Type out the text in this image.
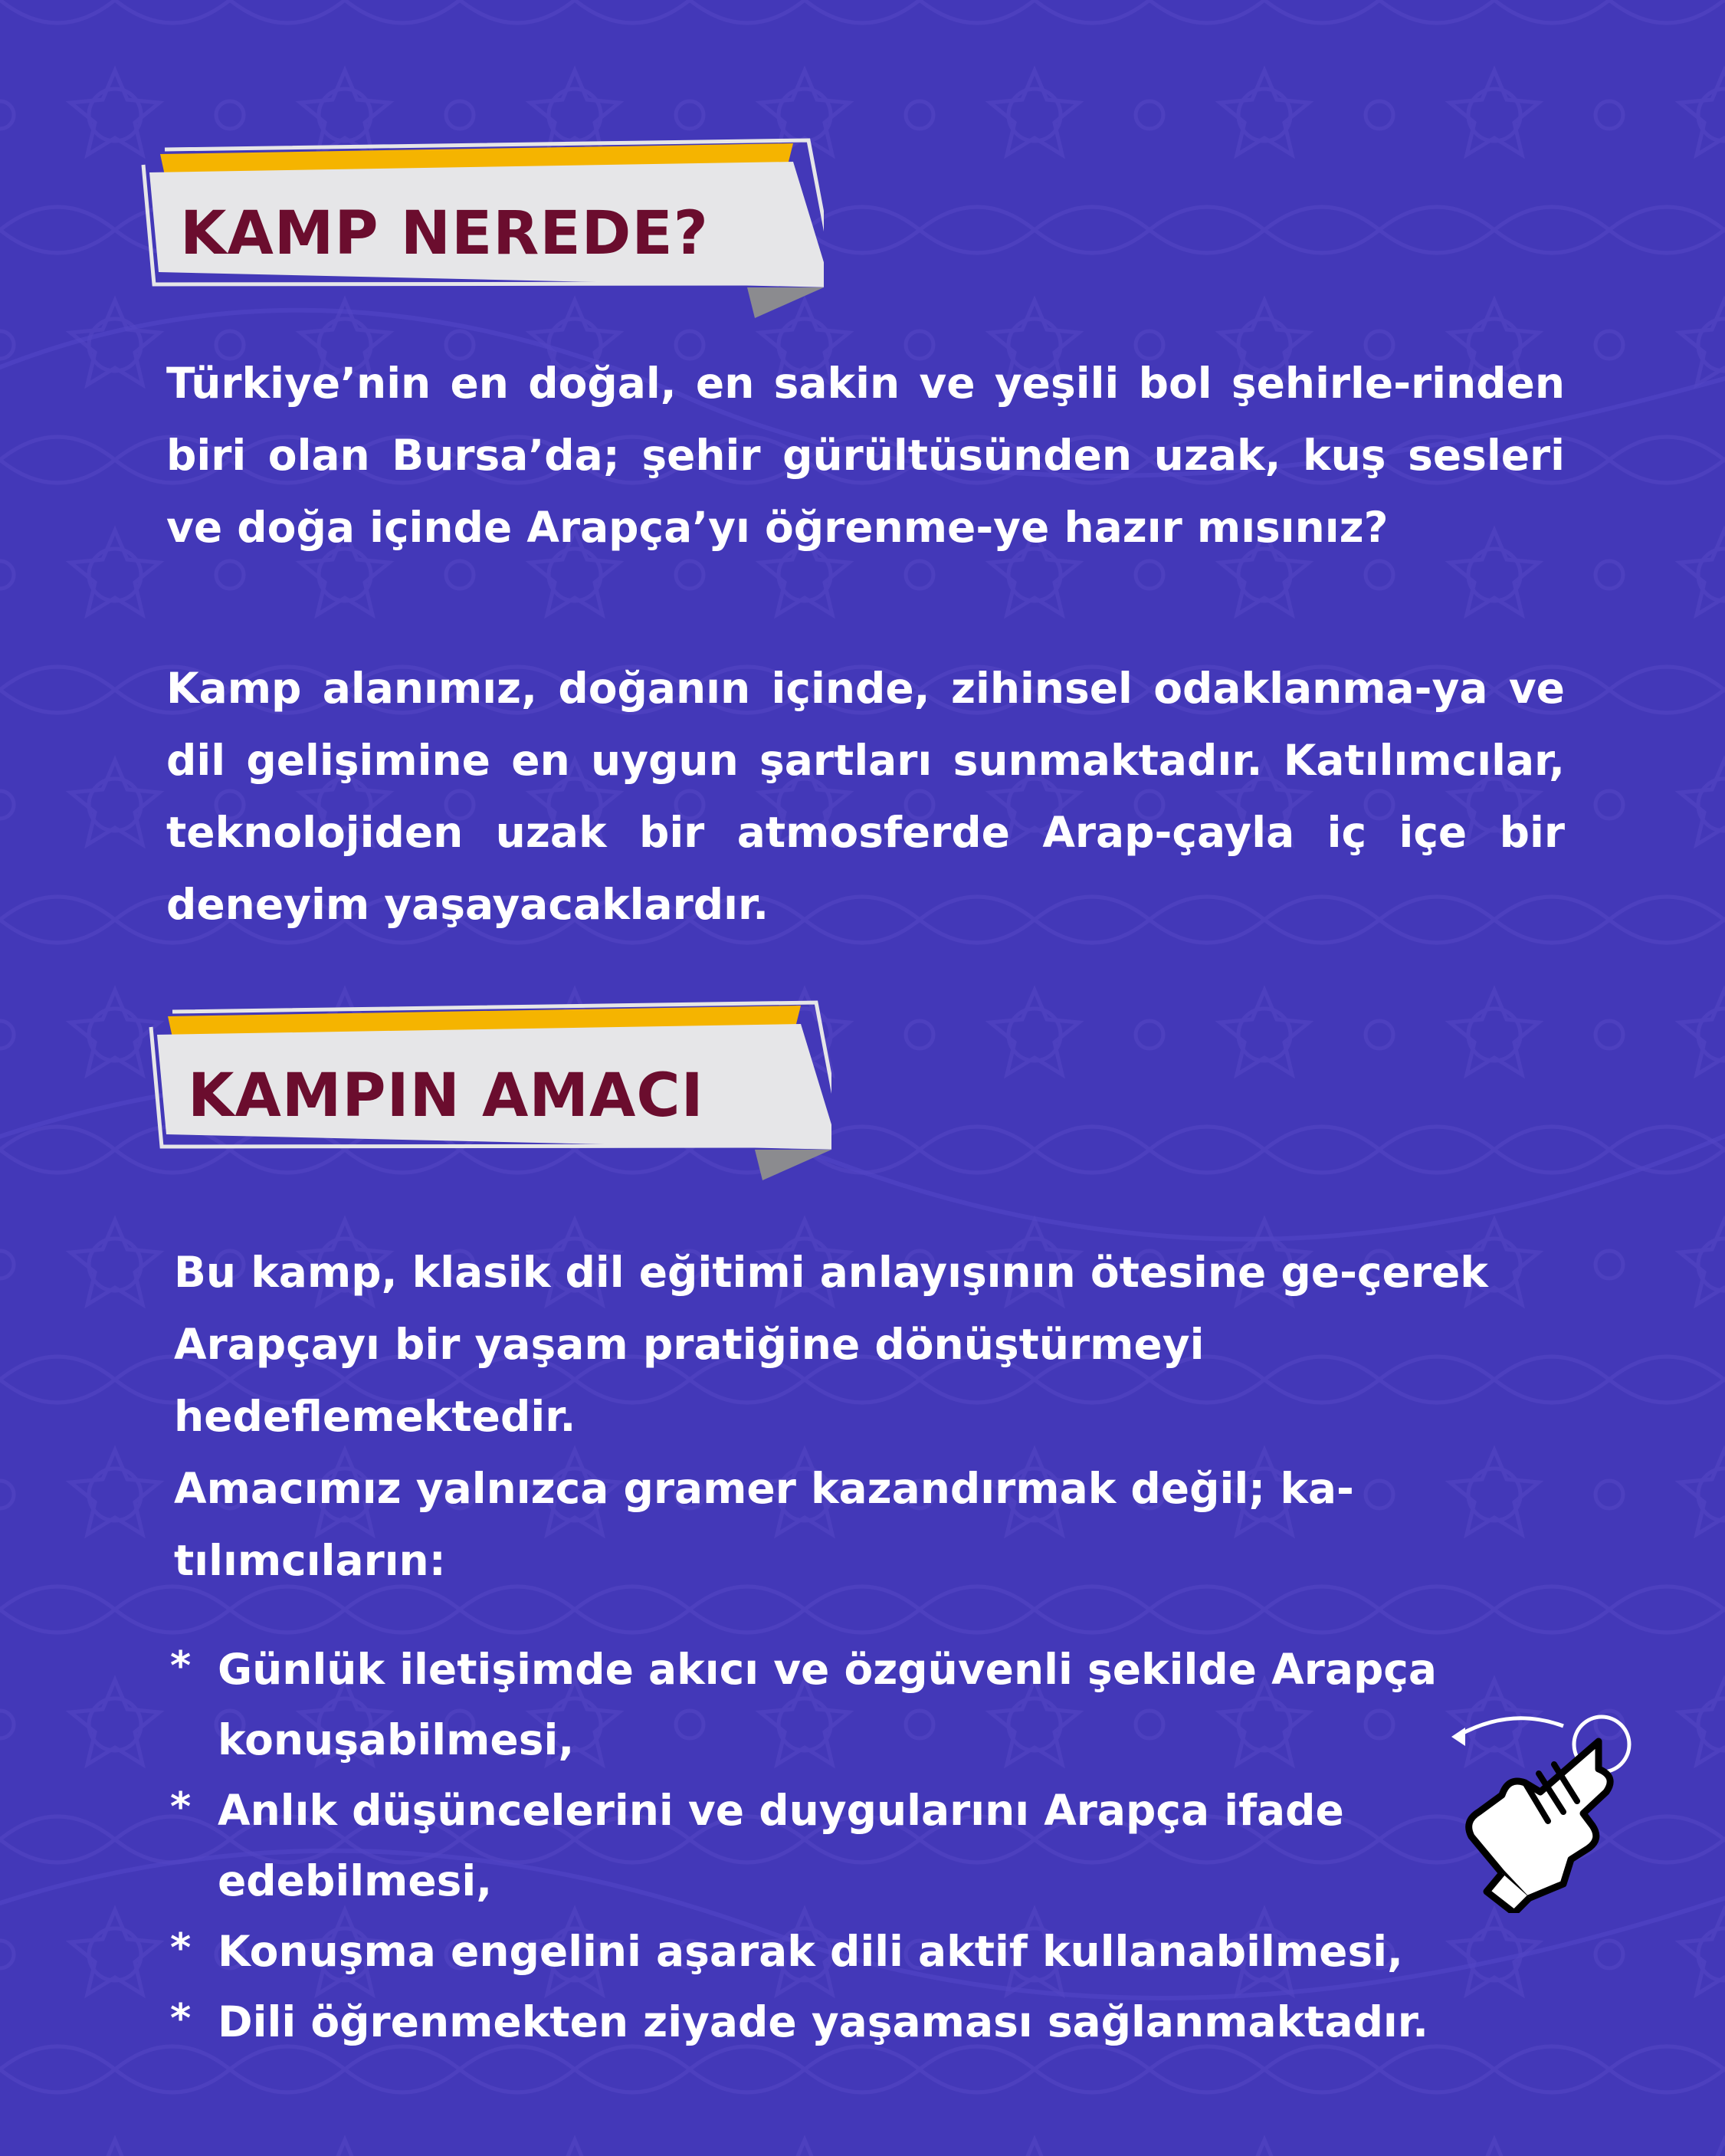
KAMP NEREDE?

Türkiye’nin en doğal, en sakin ve yeşili bol şehirle-rinden biri olan Bursa’da; şehir gürültüsünden uzak, kuş sesleri ve doğa içinde Arapça’yı öğrenme-ye hazır mısınız?

Kamp alanımız, doğanın içinde, zihinsel odaklanma-ya ve dil gelişimine en uygun şartları sunmaktadır. Katılımcılar, teknolojiden uzak bir atmosferde Arap-çayla iç içe bir deneyim yaşayacaklardır.

KAMPIN AMACI

Bu kamp, klasik dil eğitimi anlayışının ötesine ge-çerek Arapçayı bir yaşam pratiğine dönüştürmeyi hedeflemektedir.

Amacımız yalnızca gramer kazandırmak değil; ka-tılımcıların:

* Günlük iletişimde akıcı ve özgüvenli şekilde Arapça konuşabilmesi,
* Anlık düşüncelerini ve duygularını Arapça ifade edebilmesi,
* Konuşma engelini aşarak dili aktif kullanabilmesi,
* Dili öğrenmekten ziyade yaşaması sağlanmaktadır.
